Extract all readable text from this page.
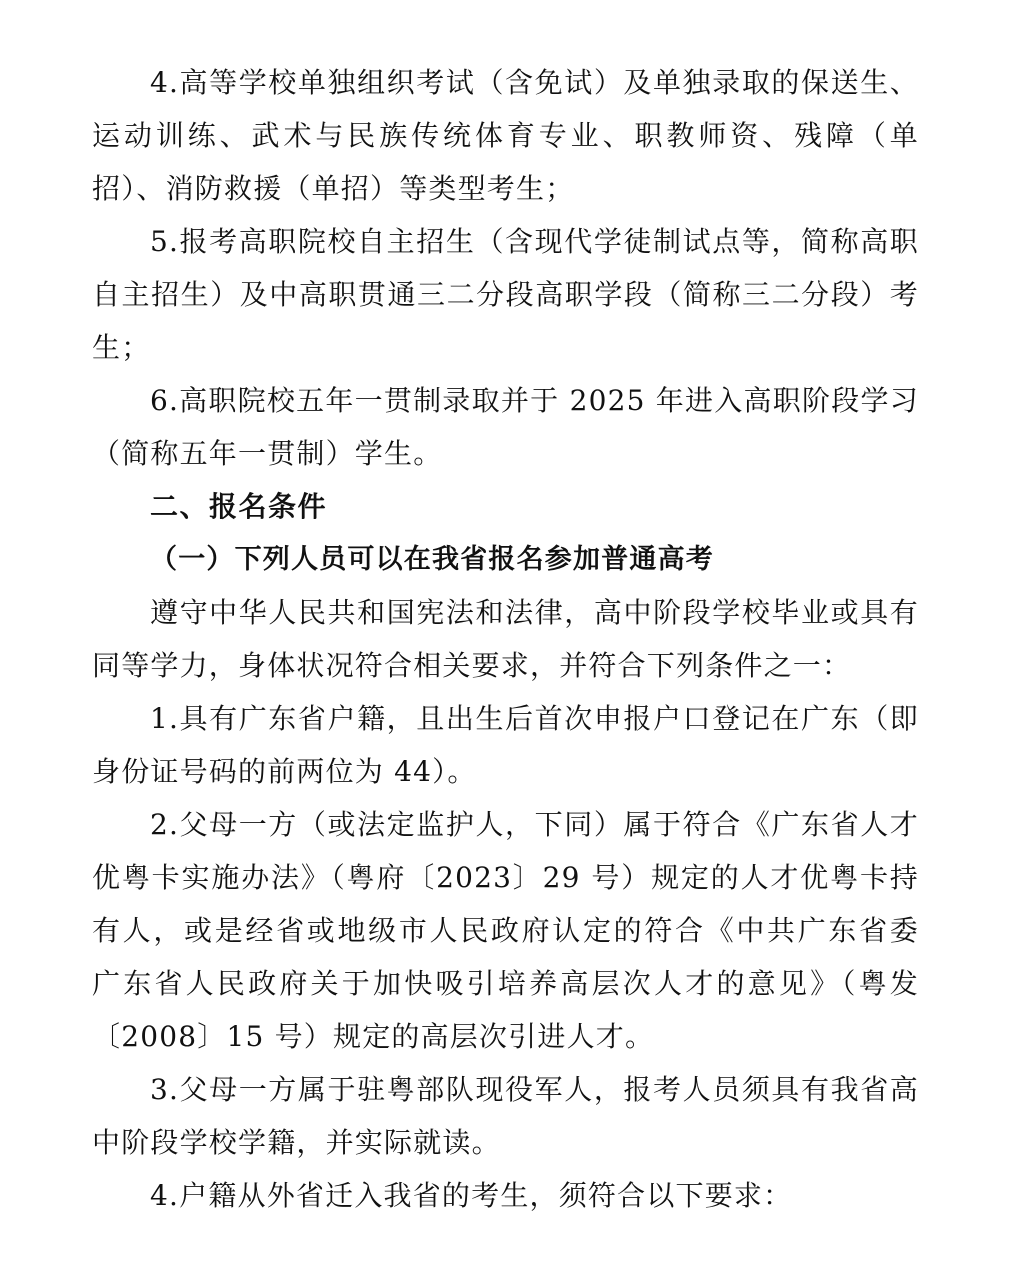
4.高等学校单独组织考试（含免试）及单独录取的保送生、运动训练、武术与民族传统体育专业、职教师资、残障（单招）、消防救援（单招）等类型考生；

5.报考高职院校自主招生（含现代学徒制试点等，简称高职自主招生）及中高职贯通三二分段高职学段（简称三二分段）考生；

6.高职院校五年一贯制录取并于 2025 年进入高职阶段学习（简称五年一贯制）学生。

二、报名条件

（一）下列人员可以在我省报名参加普通高考

遵守中华人民共和国宪法和法律，高中阶段学校毕业或具有同等学力，身体状况符合相关要求，并符合下列条件之一：

1.具有广东省户籍，且出生后首次申报户口登记在广东（即身份证号码的前两位为 44）。

2.父母一方（或法定监护人，下同）属于符合《广东省人才优粤卡实施办法》（粤府〔2023〕29 号）规定的人才优粤卡持有人，或是经省或地级市人民政府认定的符合《中共广东省委 广东省人民政府关于加快吸引培养高层次人才的意见》（粤发〔2008〕15 号）规定的高层次引进人才。

3.父母一方属于驻粤部队现役军人，报考人员须具有我省高中阶段学校学籍，并实际就读。

4.户籍从外省迁入我省的考生，须符合以下要求：
